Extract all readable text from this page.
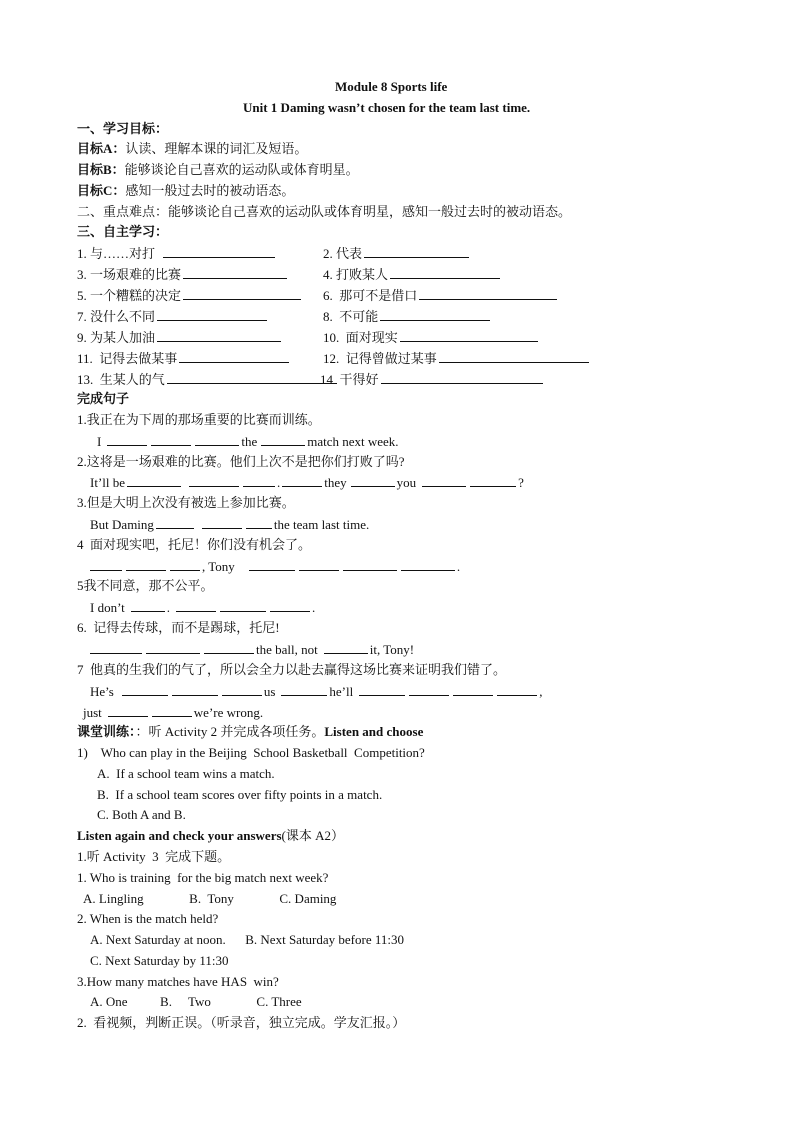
Module 8 Sports life
Unit 1 Daming wasn’t chosen for the team last time.
一、学习目标：
目标A：认读、理解本课的词汇及短语。
目标B：能够谈论自己喜欢的运动队或体育明星。
目标C：感知一般过去时的被动语态。
二、重点难点：能够谈论自己喜欢的运动队或体育明星，感知一般过去时的被动语态。
三、自主学习：
1. 与……对打	2. 代表
3. 一场艰难的比赛	4. 打败某人
5. 一个糟糕的决定	6.  那可不是借口
7. 没什么不同	8.  不可能
9. 为某人加油	10.  面对现实
11.  记得去做某事	12.  记得曾做过某事
13.  生某人的气	14  干得好
完成句子
1.我正在为下周的那场重要的比赛而训练。
I	the	match next week.
2.这将是一场艰难的比赛。他们上次不是把你们打败了吗?
It’ll be	.	they	you	?
3.但是大明上次没有被选上参加比赛。
But Daming	the team last time.
4  面对现实吧，托尼！你们没有机会了。
, Tony	.
5我不同意，那不公平。
I don’t	.	.
6.  记得去传球，而不是踢球，托尼!
the ball, not	it, Tony!
7  他真的生我们的气了，所以会全力以赴去赢得这场比赛来证明我们错了。
He’s	us	he’ll	,
just	we’re wrong.
课堂训练：：听 Activity 2 并完成各项任务。Listen and choose
1)    Who can play in the Beijing  School Basketball  Competition?
A.  If a school team wins a match.
B.  If a school team scores over fifty points in a match.
C. Both A and B.
Listen again and check your answers(课本 A2）
1.听 Activity  3  完成下题。
1. Who is training  for the big match next week?
A. Lingling              B.  Tony              C. Daming
2. When is the match held?
A. Next Saturday at noon.      B. Next Saturday before 11:30
C. Next Saturday by 11:30
3.How many matches have HAS  win?
A. One          B.     Two              C. Three
2.  看视频，判断正误。（听录音，独立完成。学友汇报。）
